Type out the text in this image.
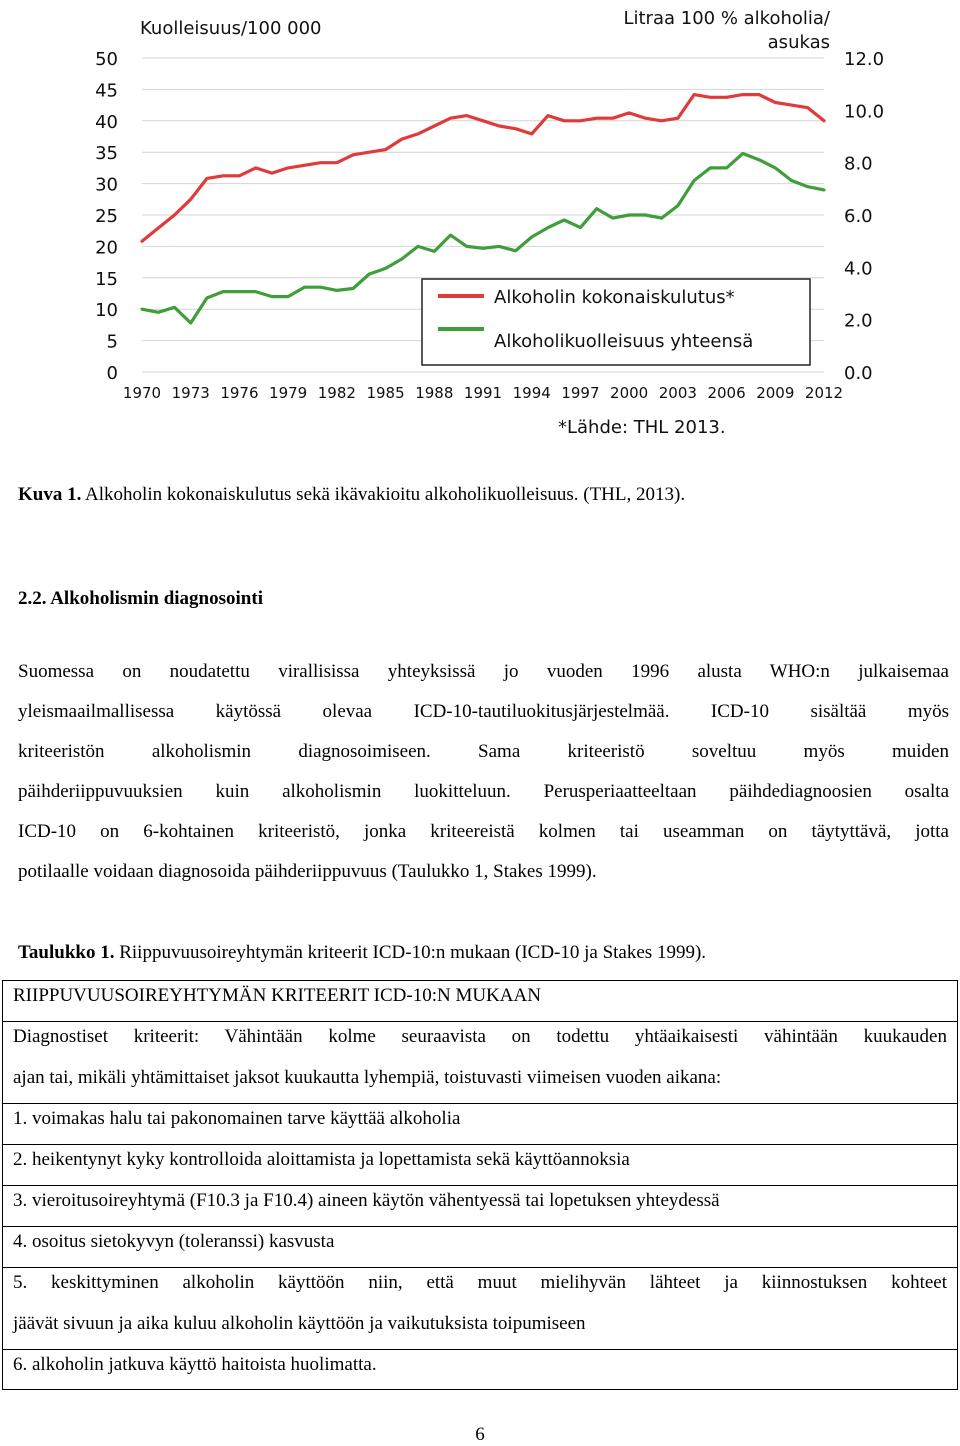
Kuolleisuus/100 000	Litraa 100 % alkoholia/
asukas
0
5
10
15
20
25
30
35
40
45
50
0.0
2.0
4.0
6.0
8.0
10.0
12.0
1970 1973 1976 1979 1982 1985 1988 1991 1994 1997 2000 2003 2006 2009 2012
Alkoholin kokonaiskulutus*
Alkoholikuolleisuus yhteensä
*Lähde: THL 2013.
Kuva 1. Alkoholin kokonaiskulutus sekä ikävakioitu alkoholikuolleisuus. (THL, 2013).
2.2. Alkoholismin diagnosointi
Suomessa on noudatettu virallisissa yhteyksissä jo vuoden 1996 alusta WHO:n julkaisemaa
yleismaailmallisessa käytössä olevaa ICD-10-tautiluokitusjärjestelmää. ICD-10 sisältää myös
kriteeristön alkoholismin diagnosoimiseen. Sama kriteeristö soveltuu myös muiden
päihderiippuvuuksien kuin alkoholismin luokitteluun. Perusperiaatteeltaan päihdediagnoosien osalta
ICD-10 on 6-kohtainen kriteeristö, jonka kriteereistä kolmen tai useamman on täytyttävä, jotta
potilaalle voidaan diagnosoida päihderiippuvuus (Taulukko 1, Stakes 1999).
Taulukko 1. Riippuvuusoireyhtymän kriteerit ICD-10:n mukaan (ICD-10 ja Stakes 1999).
RIIPPUVUUSOIREYHTYMÄN KRITEERIT ICD-10:N MUKAAN
Diagnostiset kriteerit: Vähintään kolme seuraavista on todettu yhtäaikaisesti vähintään kuukauden
ajan tai, mikäli yhtämittaiset jaksot kuukautta lyhempiä, toistuvasti viimeisen vuoden aikana:
1. voimakas halu tai pakonomainen tarve käyttää alkoholia
2. heikentynyt kyky kontrolloida aloittamista ja lopettamista sekä käyttöannoksia
3. vieroitusoireyhtymä (F10.3 ja F10.4) aineen käytön vähentyessä tai lopetuksen yhteydessä
4. osoitus sietokyvyn (toleranssi) kasvusta
5. keskittyminen alkoholin käyttöön niin, että muut mielihyvän lähteet ja kiinnostuksen kohteet
jäävät sivuun ja aika kuluu alkoholin käyttöön ja vaikutuksista toipumiseen
6. alkoholin jatkuva käyttö haitoista huolimatta.
6
